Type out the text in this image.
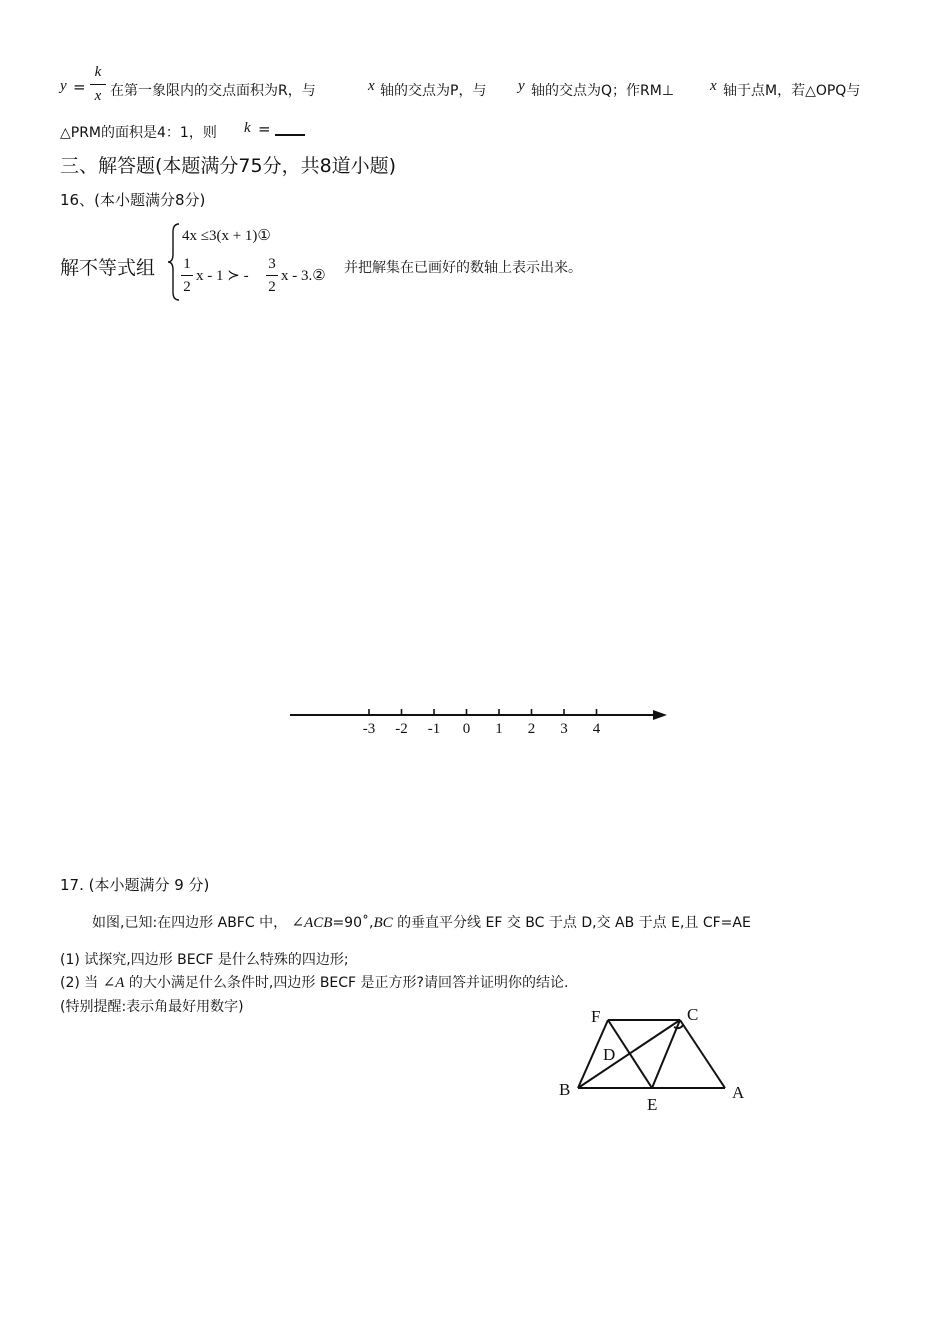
y =
k
x 在第一象限内的交点面积为R，与	x 轴的交点为P，与 y 轴的交点为Q；作RM⊥ x 轴于点M，若△OPQ与
△PRM的面积是4：1，则 k =
三、解答题(本题满分75分，共8道小题)
16、(本小题满分8分)
解不等式组
4x ≤3(x + 1)①
1
2
x - 1 ≻ -
3
2
x - 3.② 并把解集在已画好的数轴上表示出来。
-3 -2 -1 0 1 2 3 4
17. (本小题满分 9 分)
如图,已知:在四边形 ABFC 中， ∠ACB=90˚,BC 的垂直平分线 EF 交 BC 于点 D,交 AB 于点 E,且 CF=AE
(1) 试探究,四边形 BECF 是什么特殊的四边形;
(2) 当 ∠A 的大小满足什么条件时,四边形 BECF 是正方形?请回答并证明你的结论.
(特别提醒:表示角最好用数字)	F	C
D
B
E
A
